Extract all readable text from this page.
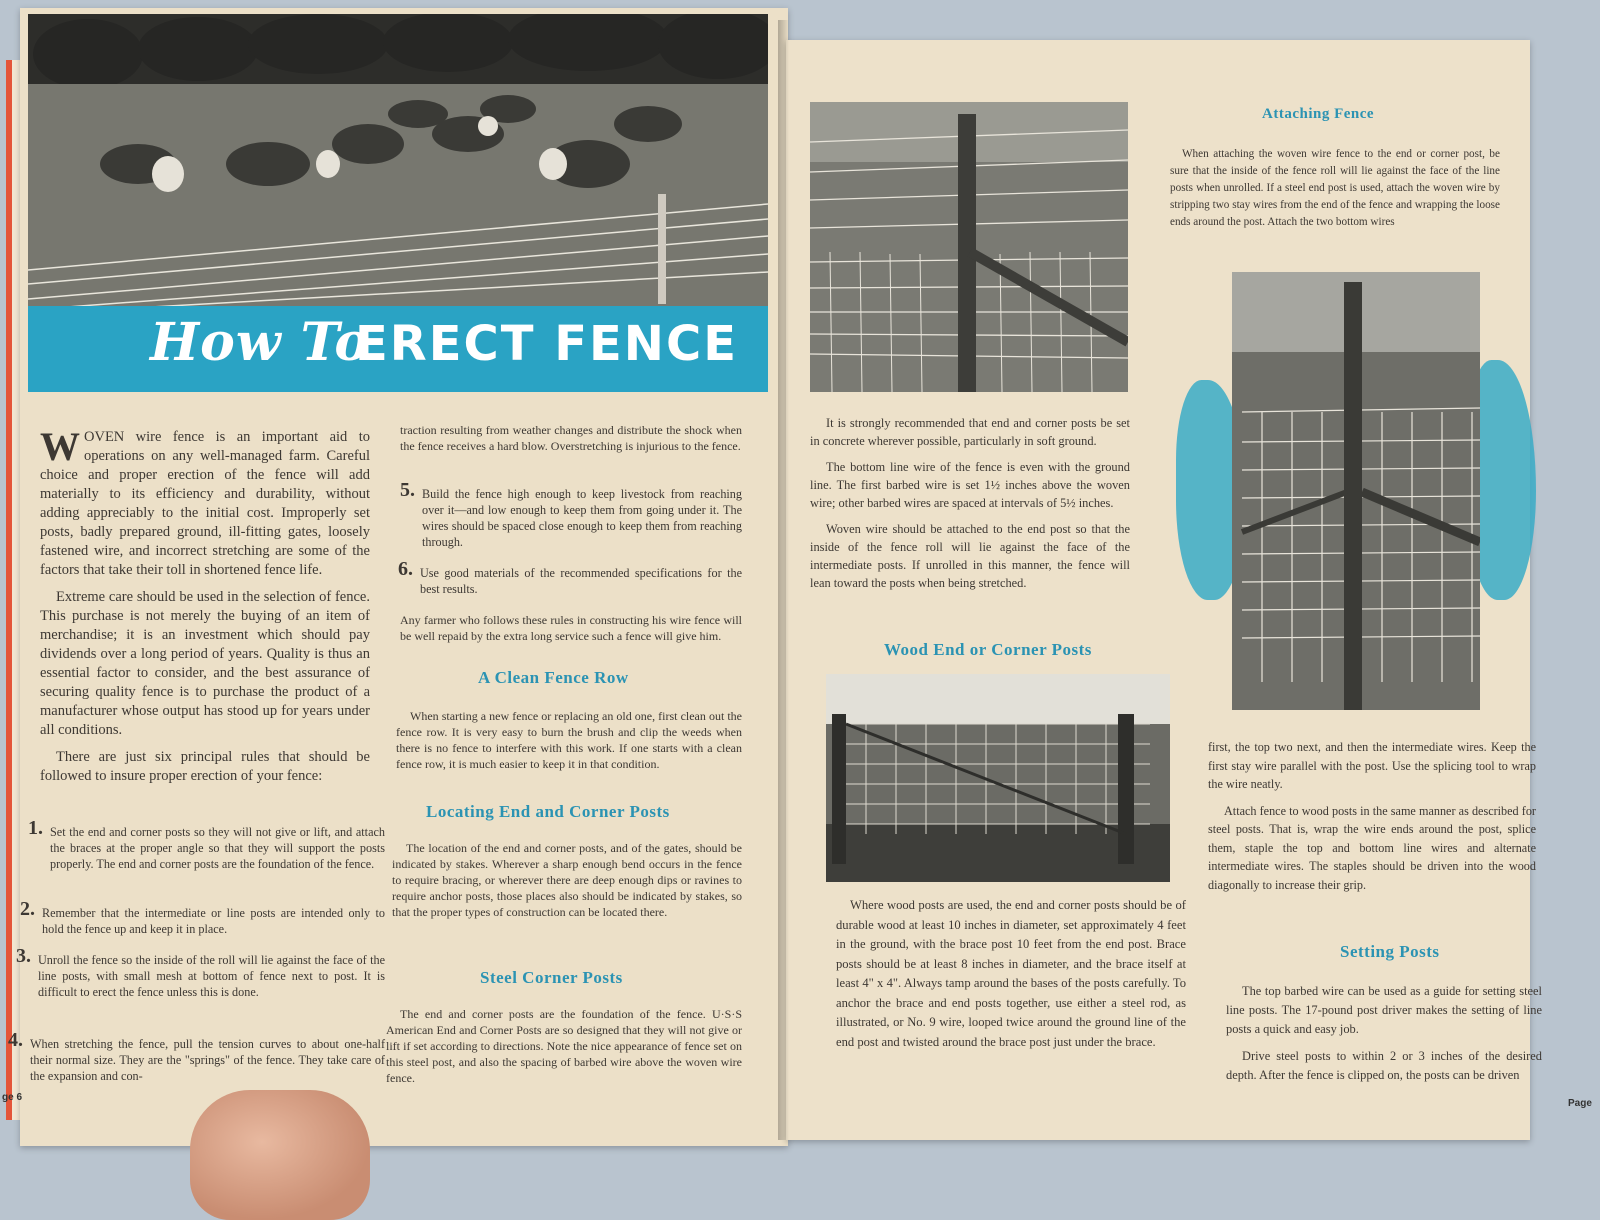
How To
ERECT FENCE

WOVEN wire fence is an important aid to operations on any well-managed farm. Careful choice and proper erection of the fence will add materially to its efficiency and durability, without adding appreciably to the initial cost. Improperly set posts, badly prepared ground, ill-fitting gates, loosely fastened wire, and incorrect stretching are some of the factors that take their toll in shortened fence life.

Extreme care should be used in the selection of fence. This purchase is not merely the buying of an item of merchandise; it is an investment which should pay dividends over a long period of years. Quality is thus an essential factor to consider, and the best assurance of securing quality fence is to purchase the product of a manufacturer whose output has stood up for years under all conditions.

There are just six principal rules that should be followed to insure proper erection of your fence:

1. Set the end and corner posts so they will not give or lift, and attach the braces at the proper angle so that they will support the posts properly. The end and corner posts are the foundation of the fence.
2. Remember that the intermediate or line posts are intended only to hold the fence up and keep it in place.
3. Unroll the fence so the inside of the roll will lie against the face of the line posts, with small mesh at bottom of fence next to post. It is difficult to erect the fence unless this is done.
4. When stretching the fence, pull the tension curves to about one-half their normal size. They are the "springs" of the fence. They take care of the expansion and con-
traction resulting from weather changes and distribute the shock when the fence receives a hard blow. Overstretching is injurious to the fence.
5. Build the fence high enough to keep livestock from reaching over it—and low enough to keep them from going under it. The wires should be spaced close enough to keep them from reaching through.
6. Use good materials of the recommended specifications for the best results.
Any farmer who follows these rules in constructing his wire fence will be well repaid by the extra long service such a fence will give him.
A Clean Fence Row
When starting a new fence or replacing an old one, first clean out the fence row. It is very easy to burn the brush and clip the weeds when there is no fence to interfere with this work. If one starts with a clean fence row, it is much easier to keep it in that condition.
Locating End and Corner Posts
The location of the end and corner posts, and of the gates, should be indicated by stakes. Wherever a sharp enough bend occurs in the fence to require bracing, or wherever there are deep enough dips or ravines to require anchor posts, those places also should be indicated by stakes, so that the proper types of construction can be located there.
Steel Corner Posts
The end and corner posts are the foundation of the fence. U·S·S American End and Corner Posts are so designed that they will not give or lift if set according to directions. Note the nice appearance of fence set on this steel post, and also the spacing of barbed wire above the woven wire fence.
ge 6

It is strongly recommended that end and corner posts be set in concrete wherever possible, particularly in soft ground.

The bottom line wire of the fence is even with the ground line. The first barbed wire is set 1½ inches above the woven wire; other barbed wires are spaced at intervals of 5½ inches.

Woven wire should be attached to the end post so that the inside of the fence roll will lie against the face of the intermediate posts. If unrolled in this manner, the fence will lean toward the posts when being stretched.

Wood End or Corner Posts
Where wood posts are used, the end and corner posts should be of durable wood at least 10 inches in diameter, set approximately 4 feet in the ground, with the brace post 10 feet from the end post. Brace posts should be at least 8 inches in diameter, and the brace itself at least 4" x 4". Always tamp around the bases of the posts carefully. To anchor the brace and end posts together, use either a steel rod, as illustrated, or No. 9 wire, looped twice around the ground line of the end post and twisted around the brace post just under the brace.
Attaching Fence
When attaching the woven wire fence to the end or corner post, be sure that the inside of the fence roll will lie against the face of the line posts when unrolled. If a steel end post is used, attach the woven wire by stripping two stay wires from the end of the fence and wrapping the loose ends around the post. Attach the two bottom wires

first, the top two next, and then the intermediate wires. Keep the first stay wire parallel with the post. Use the splicing tool to wrap the wire neatly.

Attach fence to wood posts in the same manner as described for steel posts. That is, wrap the wire ends around the post, splice them, staple the top and bottom line wires and alternate intermediate wires. The staples should be driven into the wood diagonally to increase their grip.

Setting Posts

The top barbed wire can be used as a guide for setting steel line posts. The 17-pound post driver makes the setting of line posts a quick and easy job.

Drive steel posts to within 2 or 3 inches of the desired depth. After the fence is clipped on, the posts can be driven

Page
